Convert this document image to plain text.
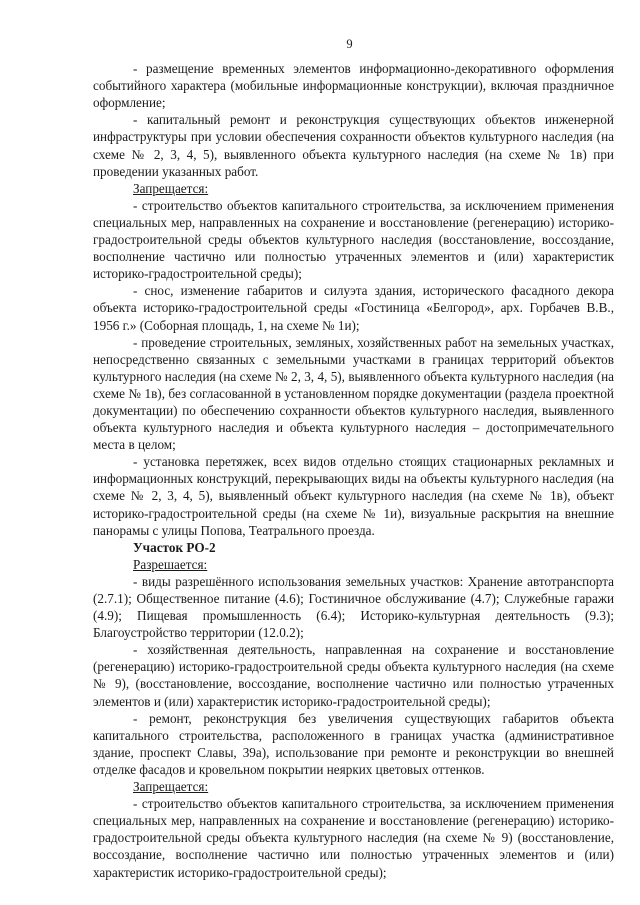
9

- размещение временных элементов информационно-декоративного оформления событийного характера (мобильные информационные конструкции), включая праздничное оформление;

- капитальный ремонт и реконструкция существующих объектов инженерной инфраструктуры при условии обеспечения сохранности объектов культурного наследия (на схеме № 2, 3, 4, 5), выявленного объекта культурного наследия (на схеме № 1в) при проведении указанных работ.

Запрещается:

- строительство объектов капитального строительства, за исключением применения специальных мер, направленных на сохранение и восстановление (регенерацию) историко-градостроительной среды объектов культурного наследия (восстановление, воссоздание, восполнение частично или полностью утраченных элементов и (или) характеристик историко-градостроительной среды);

- снос, изменение габаритов и силуэта здания, исторического фасадного декора объекта историко-градостроительной среды «Гостиница «Белгород», арх. Горбачев В.В., 1956 г.» (Соборная площадь, 1, на схеме № 1и);

- проведение строительных, земляных, хозяйственных работ на земельных участках, непосредственно связанных с земельными участками в границах территорий объектов культурного наследия (на схеме № 2, 3, 4, 5), выявленного объекта культурного наследия (на схеме № 1в), без согласованной в установленном порядке документации (раздела проектной документации) по обеспечению сохранности объектов культурного наследия, выявленного объекта культурного наследия и объекта культурного наследия – достопримечательного места в целом;

- установка перетяжек, всех видов отдельно стоящих стационарных рекламных и информационных конструкций, перекрывающих виды на объекты культурного наследия (на схеме № 2, 3, 4, 5), выявленный объект культурного наследия (на схеме № 1в), объект историко-градостроительной среды (на схеме № 1и), визуальные раскрытия на внешние панорамы с улицы Попова, Театрального проезда.

Участок РО-2

Разрешается:

- виды разрешённого использования земельных участков: Хранение автотранспорта (2.7.1); Общественное питание (4.6); Гостиничное обслуживание (4.7); Служебные гаражи (4.9); Пищевая промышленность (6.4); Историко-культурная деятельность (9.3); Благоустройство территории (12.0.2);

- хозяйственная деятельность, направленная на сохранение и восстановление (регенерацию) историко-градостроительной среды объекта культурного наследия (на схеме № 9), (восстановление, воссоздание, восполнение частично или полностью утраченных элементов и (или) характеристик историко-градостроительной среды);

- ремонт, реконструкция без увеличения существующих габаритов объекта капитального строительства, расположенного в границах участка (административное здание, проспект Славы, 39а), использование при ремонте и реконструкции во внешней отделке фасадов и кровельном покрытии неярких цветовых оттенков.

Запрещается:

- строительство объектов капитального строительства, за исключением применения специальных мер, направленных на сохранение и восстановление (регенерацию) историко-градостроительной среды объекта культурного наследия (на схеме № 9) (восстановление, воссоздание, восполнение частично или полностью утраченных элементов и (или) характеристик историко-градостроительной среды);
